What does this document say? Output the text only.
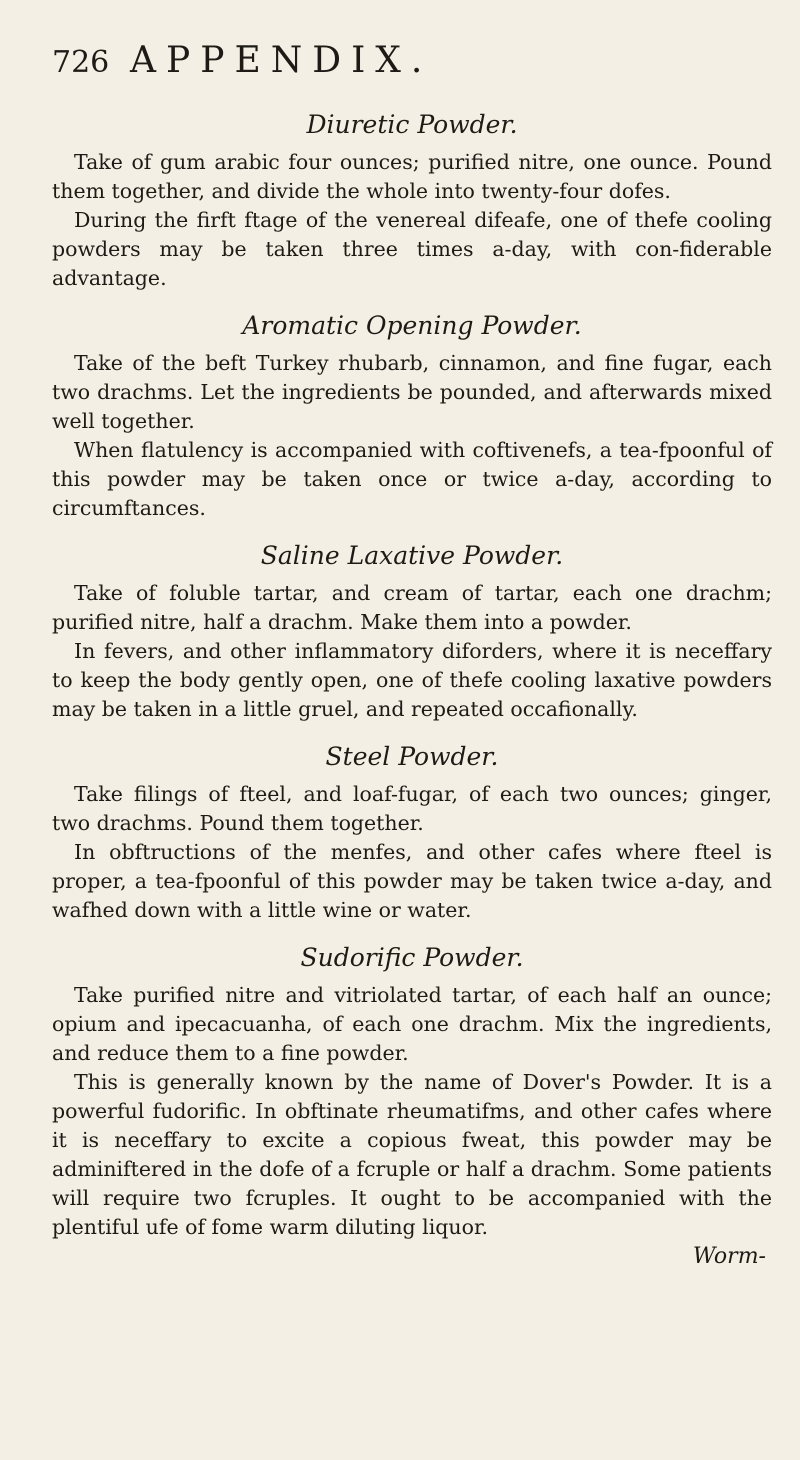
726 APPENDIX.
Diuretic Powder.

Take of gum arabic four ounces; purified nitre, one ounce. Pound them together, and divide the whole into twenty-four dofes.

During the firft ftage of the venereal difeafe, one of thefe cooling powders may be taken three times a-day, with con-fiderable advantage.

Aromatic Opening Powder.

Take of the beft Turkey rhubarb, cinnamon, and fine fugar, each two drachms. Let the ingredients be pounded, and afterwards mixed well together.

When flatulency is accompanied with coftivenefs, a tea-fpoonful of this powder may be taken once or twice a-day, according to circumftances.

Saline Laxative Powder.

Take of foluble tartar, and cream of tartar, each one drachm; purified nitre, half a drachm. Make them into a powder.

In fevers, and other inflammatory diforders, where it is neceffary to keep the body gently open, one of thefe cooling laxative powders may be taken in a little gruel, and repeated occafionally.

Steel Powder.

Take filings of fteel, and loaf-fugar, of each two ounces; ginger, two drachms. Pound them together.

In obftructions of the menfes, and other cafes where fteel is proper, a tea-fpoonful of this powder may be taken twice a-day, and wafhed down with a little wine or water.

Sudorific Powder.

Take purified nitre and vitriolated tartar, of each half an ounce; opium and ipecacuanha, of each one drachm. Mix the ingredients, and reduce them to a fine powder.

This is generally known by the name of Dover's Powder. It is a powerful fudorific. In obftinate rheumatifms, and other cafes where it is neceffary to excite a copious fweat, this powder may be adminiftered in the dofe of a fcruple or half a drachm. Some patients will require two fcruples. It ought to be accompanied with the plentiful ufe of fome warm diluting liquor.

Worm-
